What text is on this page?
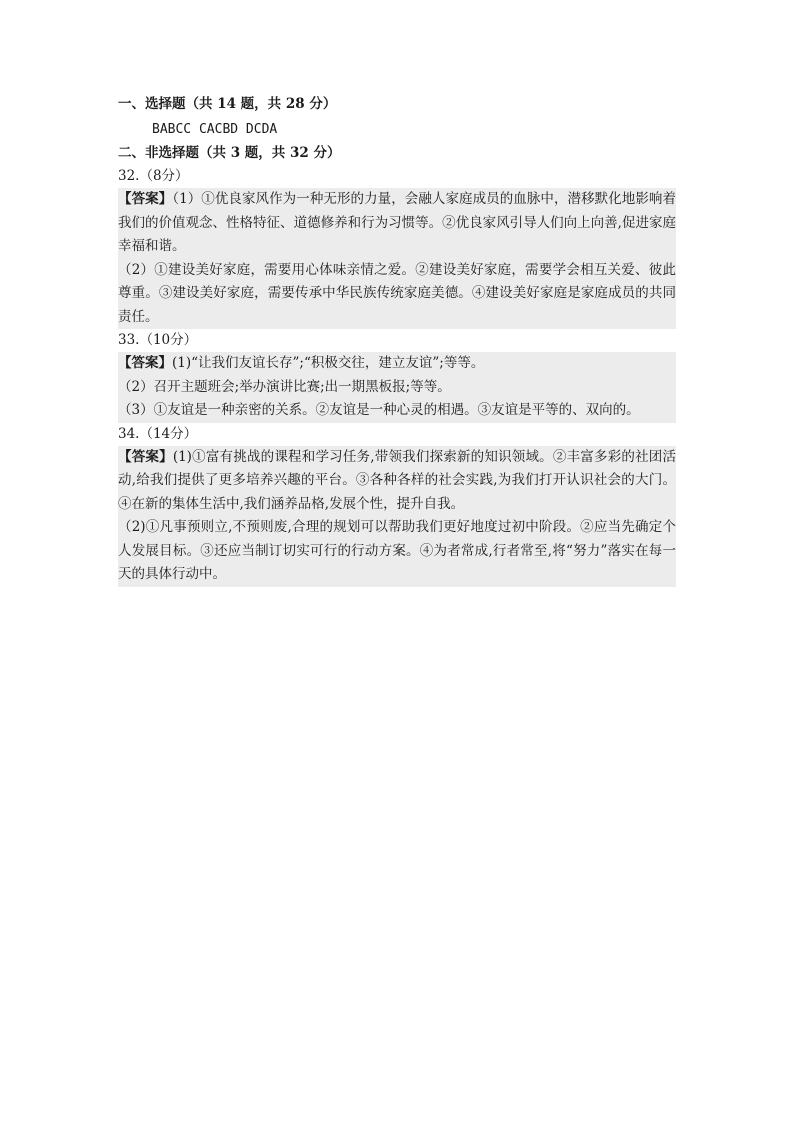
一、选择题（共 14 题，共 28 分）
BABCC CACBD DCDA
二、非选择题（共 3 题，共 32 分）
32.（8分）
【答案】（1）①优良家风作为一种无形的力量，会融人家庭成员的血脉中，潜移默化地影响着我们的价值观念、性格特征、道德修养和行为习惯等。②优良家风引导人们向上向善,促进家庭幸福和谐。
（2）①建设美好家庭，需要用心体味亲情之爱。②建设美好家庭，需要学会相互关爱、彼此尊重。③建设美好家庭，需要传承中华民族传统家庭美德。④建设美好家庭是家庭成员的共同责任。
33.（10分）
【答案】(1)“让我们友谊长存”;“积极交往，建立友谊”;等等。
（2）召开主题班会;举办演讲比赛;出一期黑板报;等等。
（3）①友谊是一种亲密的关系。②友谊是一种心灵的相遇。③友谊是平等的、双向的。
34.（14分）
【答案】(1)①富有挑战的课程和学习任务,带领我们探索新的知识领域。②丰富多彩的社团活动,给我们提供了更多培养兴趣的平台。③各种各样的社会实践,为我们打开认识社会的大门。④在新的集体生活中,我们涵养品格,发展个性，提升自我。
（2)①凡事预则立,不预则废,合理的规划可以帮助我们更好地度过初中阶段。②应当先确定个人发展目标。③还应当制订切实可行的行动方案。④为者常成,行者常至,将“努力”落实在每一天的具体行动中。
